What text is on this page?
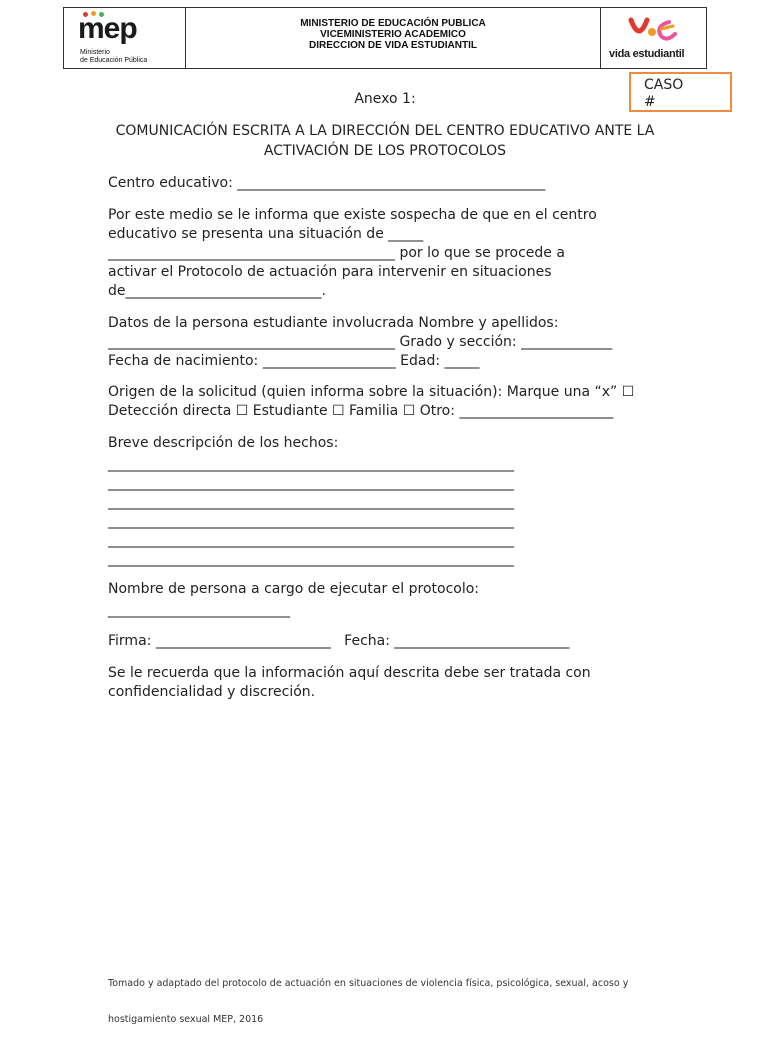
mep
Ministerio
de Educación Pública
MINISTERIO DE EDUCACIÓN PUBLICA
VICEMINISTERIO ACADEMICO
DIRECCION DE VIDA ESTUDIANTIL
vida estudiantil
CASO
#
Anexo 1:
COMUNICACIÓN ESCRITA A LA DIRECCIÓN DEL CENTRO EDUCATIVO ANTE LA
ACTIVACIÓN DE LOS PROTOCOLOS
Centro educativo: ____________________________________________
Por este medio se le informa que existe sospecha de que en el centro
educativo se presenta una situación de _____
_________________________________________ por lo que se procede a
activar el Protocolo de actuación para intervenir en situaciones
de____________________________.
Datos de la persona estudiante involucrada Nombre y apellidos:
_________________________________________ Grado y sección: _____________
Fecha de nacimiento: ___________________ Edad: _____
Origen de la solicitud (quien informa sobre la situación): Marque una “x” ☐
Detección directa ☐ Estudiante ☐ Familia ☐ Otro: ______________________
Breve descripción de los hechos:
__________________________________________________________
__________________________________________________________
__________________________________________________________
__________________________________________________________
__________________________________________________________
__________________________________________________________
Nombre de persona a cargo de ejecutar el protocolo:
__________________________
Firma: _________________________   Fecha: _________________________
Se le recuerda que la información aquí descrita debe ser tratada con
confidencialidad y discreción.

Tomado y adaptado del protocolo de actuación en situaciones de violencia física, psicológica, sexual, acoso y

hostigamiento sexual MEP, 2016
